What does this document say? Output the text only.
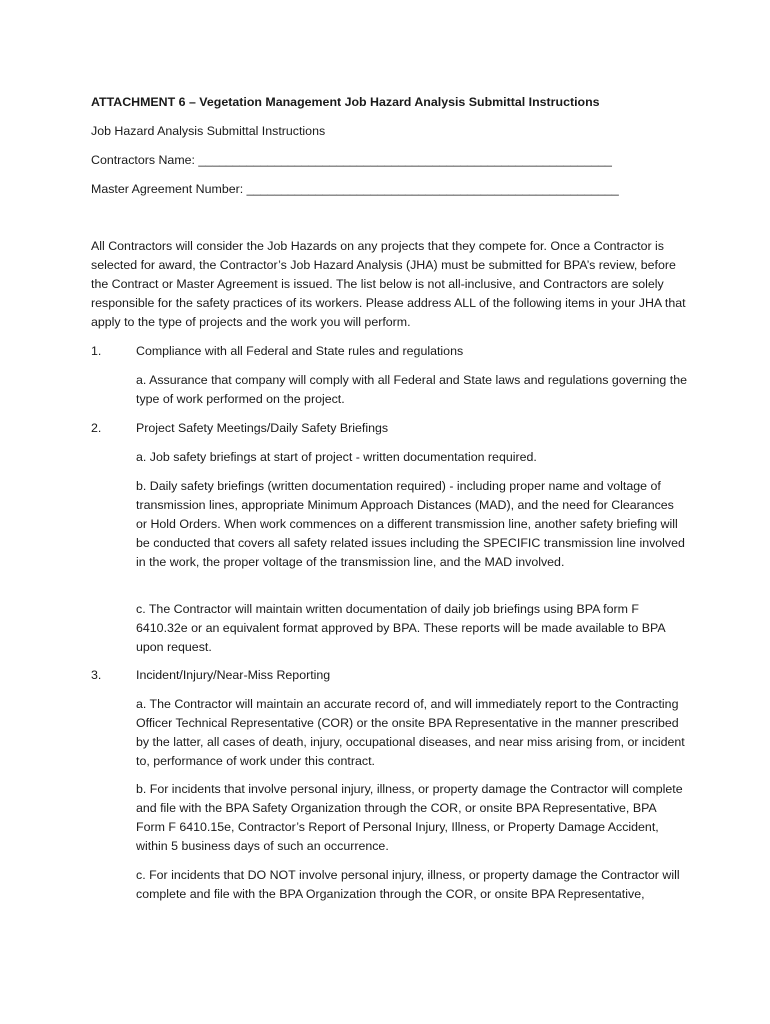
ATTACHMENT 6 – Vegetation Management Job Hazard Analysis Submittal Instructions
Job Hazard Analysis Submittal Instructions
Contractors Name: ____________________________________________________________
Master Agreement Number: ______________________________________________________
All Contractors will consider the Job Hazards on any projects that they compete for. Once a Contractor is selected for award, the Contractor’s Job Hazard Analysis (JHA) must be submitted for BPA’s review, before the Contract or Master Agreement is issued. The list below is not all-inclusive, and Contractors are solely responsible for the safety practices of its workers. Please address ALL of the following items in your JHA that apply to the type of projects and the work you will perform.
1.	Compliance with all Federal and State rules and regulations
a. Assurance that company will comply with all Federal and State laws and regulations governing the type of work performed on the project.
2.	Project Safety Meetings/Daily Safety Briefings
a. Job safety briefings at start of project - written documentation required.
b. Daily safety briefings (written documentation required) - including proper name and voltage of transmission lines, appropriate Minimum Approach Distances (MAD), and the need for Clearances or Hold Orders. When work commences on a different transmission line, another safety briefing will be conducted that covers all safety related issues including the SPECIFIC transmission line involved in the work, the proper voltage of the transmission line, and the MAD involved.
c. The Contractor will maintain written documentation of daily job briefings using BPA form F 6410.32e or an equivalent format approved by BPA. These reports will be made available to BPA upon request.
3.	Incident/Injury/Near-Miss Reporting
a. The Contractor will maintain an accurate record of, and will immediately report to the Contracting Officer Technical Representative (COR) or the onsite BPA Representative in the manner prescribed by the latter, all cases of death, injury, occupational diseases, and near miss arising from, or incident to, performance of work under this contract.
b. For incidents that involve personal injury, illness, or property damage the Contractor will complete and file with the BPA Safety Organization through the COR, or onsite BPA Representative, BPA Form F 6410.15e, Contractor’s Report of Personal Injury, Illness, or Property Damage Accident, within 5 business days of such an occurrence.
c. For incidents that DO NOT involve personal injury, illness, or property damage the Contractor will complete and file with the BPA Organization through the COR, or onsite BPA Representative,
